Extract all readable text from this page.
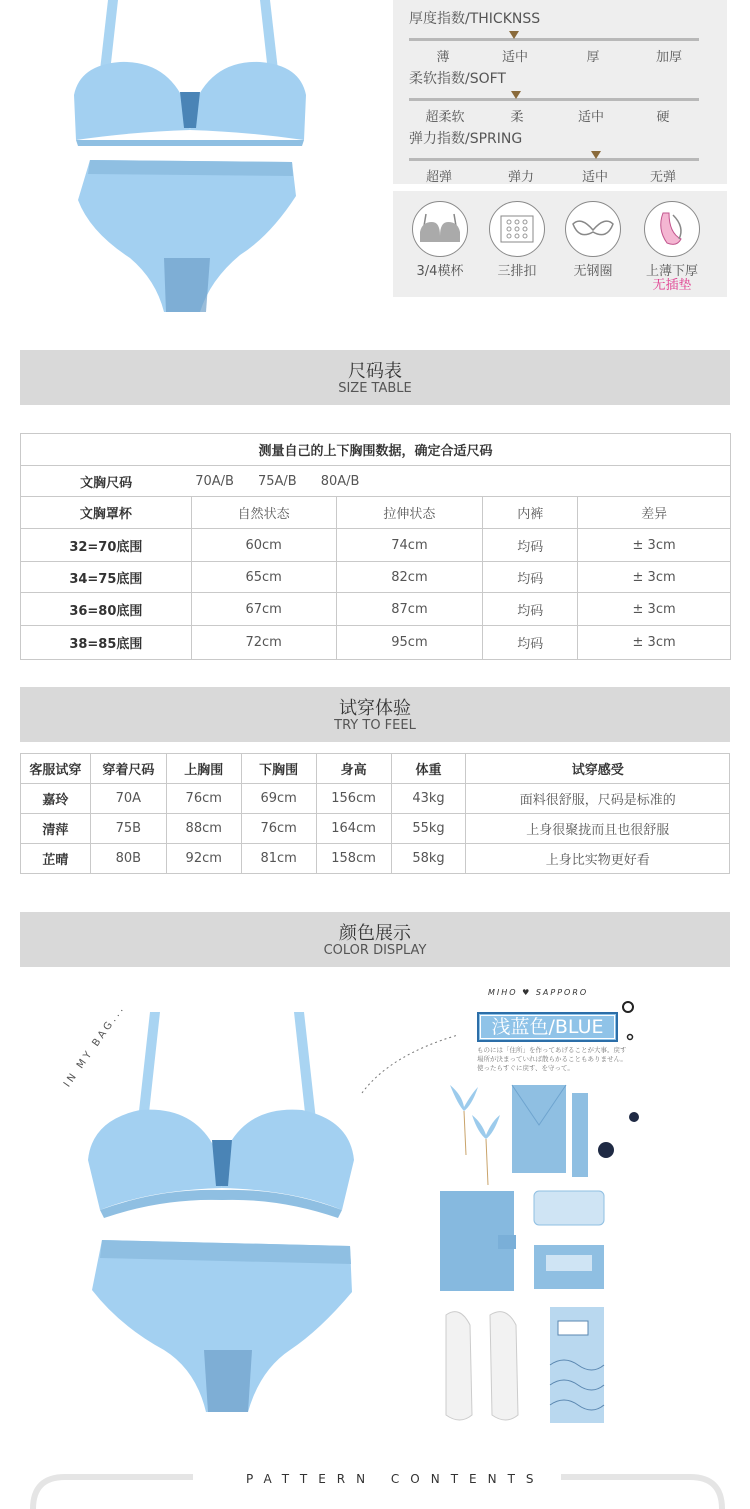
厚度指数/THICKNSS
薄	适中	厚	加厚
柔软指数/SOFT
超柔软	柔	适中	硬
弹力指数/SPRING
超弹	弹力	适中	无弹
3/4模杯	三排扣	无钢圈	上薄下厚
无插垫
尺码表
SIZE TABLE
测量自己的上下胸围数据，确定合适尺码				
文胸尺码	70A/B 75A/B 80A/B			
文胸罩杯	自然状态	拉伸状态	内裤	差异
32=70底围	60cm	74cm	均码	± 3cm
34=75底围	65cm	82cm	均码	± 3cm
36=80底围	67cm	87cm	均码	± 3cm
38=85底围	72cm	95cm	均码	± 3cm
试穿体验
TRY TO FEEL
客服试穿	穿着尺码	上胸围	下胸围	身高	体重	试穿感受
嘉玲	70A	76cm	69cm	156cm	43kg	面料很舒服，尺码是标准的
清萍	75B	88cm	76cm	164cm	55kg	上身很聚拢而且也很舒服
芷晴	80B	92cm	81cm	158cm	58kg	上身比实物更好看
颜色展示
COLOR DISPLAY
IN MY BAG...
MIHO ♥ SAPPORO
浅蓝色/BLUE
ものには「住所」を作ってあげることが大事。戻す場所が決まっていれば散らかることもありません。使ったらすぐに戻す、を守って。
PATTERN CONTENTS
